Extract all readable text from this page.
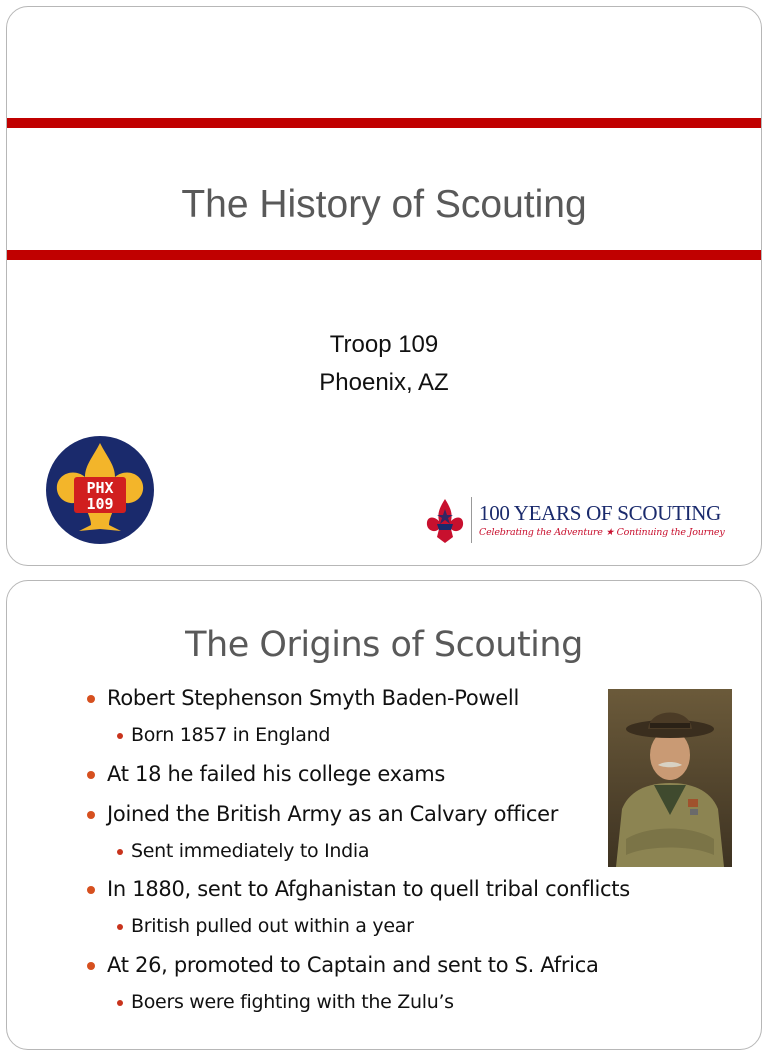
The History of Scouting
Troop 109
Phoenix, AZ
PHX
109	100 YEARS OF SCOUTING
Celebrating the Adventure ★ Continuing the Journey
The Origins of Scouting
Robert Stephenson Smyth Baden-Powell
Born 1857 in England
At 18 he failed his college exams
Joined the British Army as an Calvary officer
Sent immediately to India
In 1880, sent to Afghanistan to quell tribal conflicts
British pulled out within a year
At 26, promoted to Captain and sent to S. Africa
Boers were fighting with the Zulu’s
